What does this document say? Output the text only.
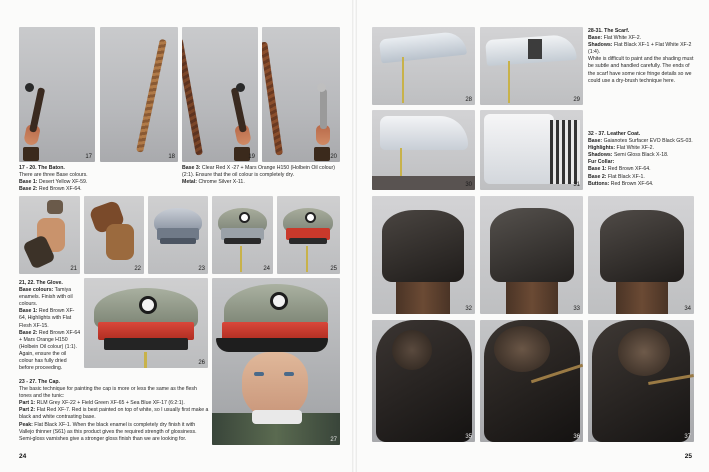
17	18	19	20

17 - 20. The Baton.

There are three Base colours.

Base 1: Desert Yellow XF-59.

Base 2: Red Brown XF-64.

Base 3: Clear Red X -27 + Mars Orange H150 (Holbein Oil colour) (2:1). Ensure that the oil colour is completely dry.

Metal: Chrome Silver X-11.

21	22	23	24	25

21, 22. The Glove.

Base colours: Tamiya enamels. Finish with oil colours.

Base 1: Red Brown XF-64, Highlights with Flat Flesh XF-15.

Base 2: Red Brown XF-64 + Mars Orange H150 (Holbein Oil colour) (1:1).

Again, ensure the oil colour has fully dried before proceeding.

26
27

23 - 27. The Cap.

The basic technique for painting the cap is more or less the same as the flesh tones and the tunic:

Part 1: RLM Grey XF-22 + Field Green XF-65 + Sea Blue XF-17 (6:2:1).

Part 2: Flat Red XF-7. Red is best painted on top of white, so I usually first make a black and white contrasting base.

Peak: Flat Black XF-1. When the black enamel is completely dry finish it with Vallejo thinner (S61) as this product gives the required strength of glossiness. Semi-gloss varnishes give a stronger gloss finish than we are looking for.

24
28	29
30	31

28-31. The Scarf.

Base: Flat White XF-2.

Shadows: Flat Black XF-1 + Flat White XF-2 (1:4).

White is difficult to paint and the shading must be subtle and handled carefully. The ends of the scarf have some nice fringe details so we could use a dry-brush technique here.

32 - 37. Leather Coat.

Base: Gaianotes Surfacer EVO Black GS-03.

Highlights: Flat White XF-2.

Shadows: Semi Gloss Black X-18.

Fur Collar:

Base 1: Red Brown XF-64.

Base 2: Flat Black XF-1.

Buttons: Red Brown XF-64.

32	33	34
35	36	37
25
